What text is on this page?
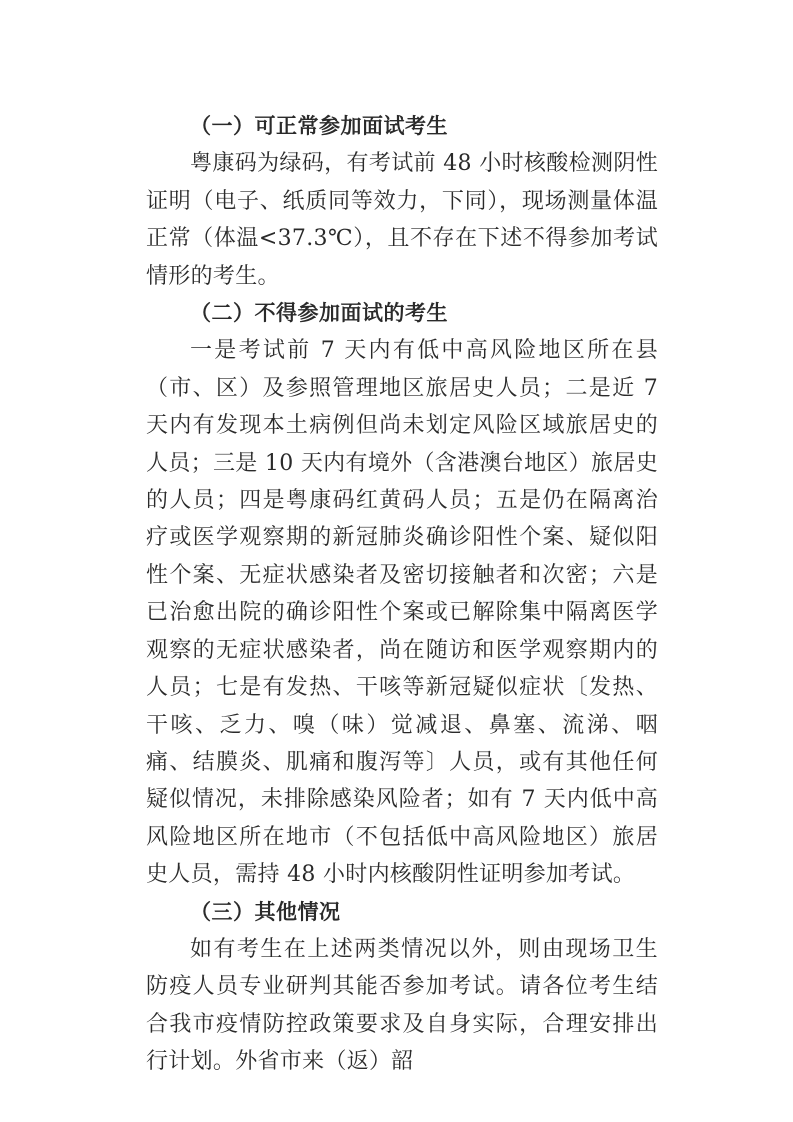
（一）可正常参加面试考生

粤康码为绿码，有考试前 48 小时核酸检测阴性证明（电子、纸质同等效力，下同），现场测量体温正常（体温<37.3℃），且不存在下述不得参加考试情形的考生。

（二）不得参加面试的考生

一是考试前 7 天内有低中高风险地区所在县（市、区）及参照管理地区旅居史人员；二是近 7 天内有发现本土病例但尚未划定风险区域旅居史的人员；三是 10 天内有境外（含港澳台地区）旅居史的人员；四是粤康码红黄码人员；五是仍在隔离治疗或医学观察期的新冠肺炎确诊阳性个案、疑似阳性个案、无症状感染者及密切接触者和次密；六是已治愈出院的确诊阳性个案或已解除集中隔离医学观察的无症状感染者，尚在随访和医学观察期内的人员；七是有发热、干咳等新冠疑似症状〔发热、干咳、乏力、嗅（味）觉减退、鼻塞、流涕、咽痛、结膜炎、肌痛和腹泻等〕人员，或有其他任何疑似情况，未排除感染风险者；如有 7 天内低中高风险地区所在地市（不包括低中高风险地区）旅居史人员，需持 48 小时内核酸阴性证明参加考试。

（三）其他情况

如有考生在上述两类情况以外，则由现场卫生防疫人员专业研判其能否参加考试。请各位考生结合我市疫情防控政策要求及自身实际，合理安排出行计划。外省市来（返）韶
